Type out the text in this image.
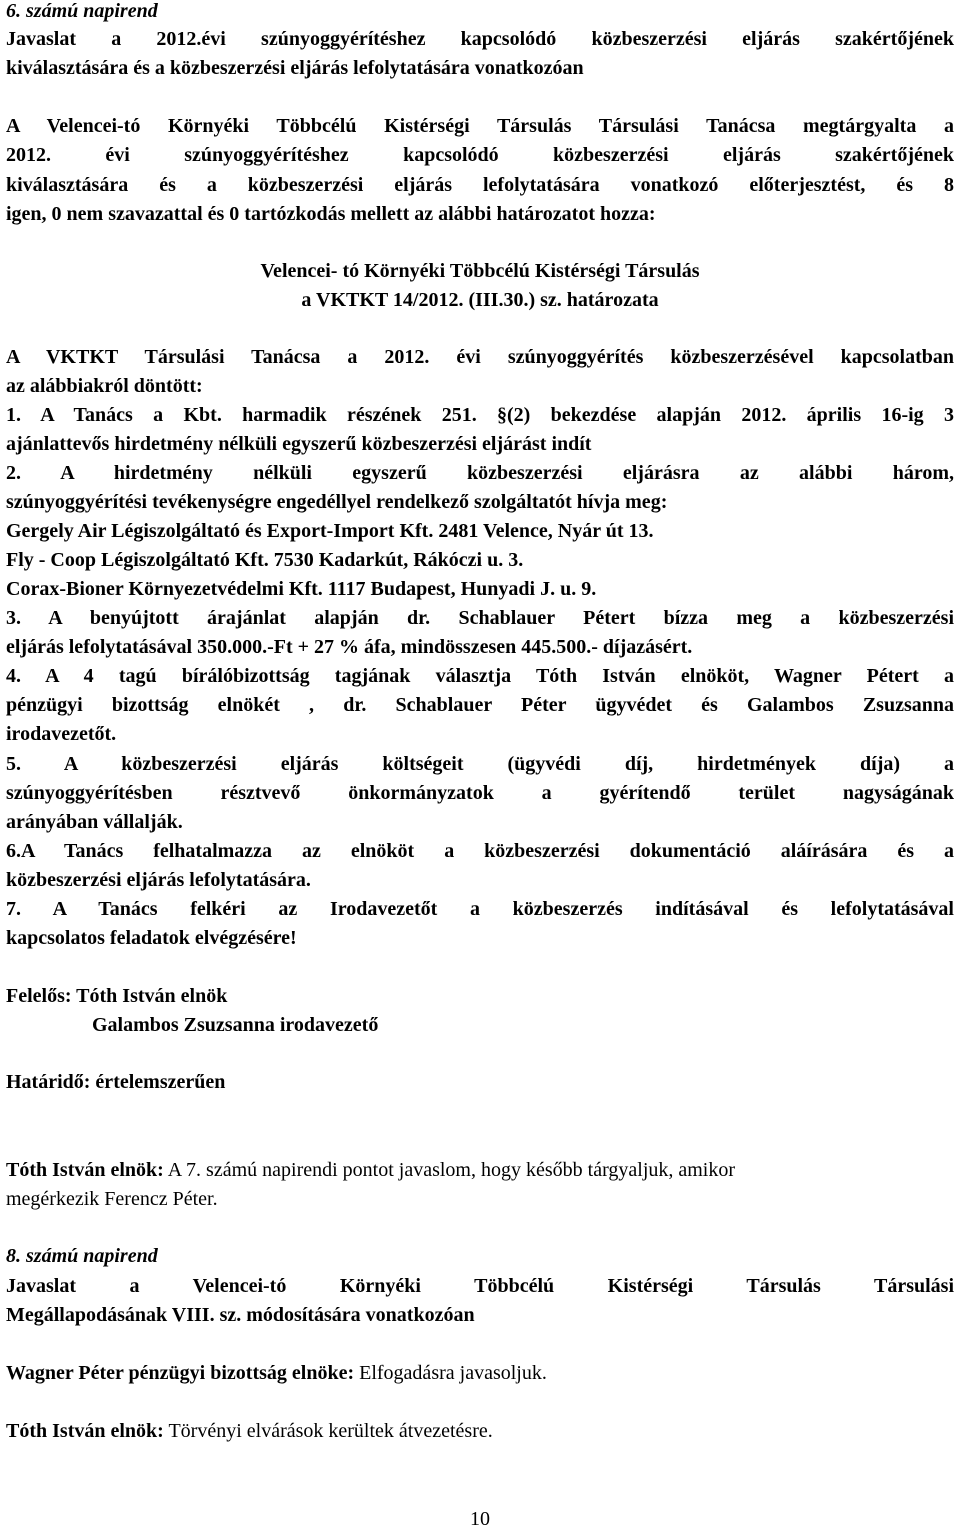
6. számú napirend
Javaslat a 2012.évi szúnyoggyérítéshez kapcsolódó közbeszerzési eljárás szakértőjének
kiválasztására és a közbeszerzési eljárás lefolytatására vonatkozóan
A Velencei-tó Környéki Többcélú Kistérségi Társulás Társulási Tanácsa megtárgyalta a
2012. évi szúnyoggyérítéshez kapcsolódó közbeszerzési eljárás szakértőjének
kiválasztására és a közbeszerzési eljárás lefolytatására vonatkozó előterjesztést, és 8
igen, 0 nem szavazattal és 0 tartózkodás mellett az alábbi határozatot hozza:
Velencei- tó Környéki Többcélú Kistérségi Társulás
a VKTKT 14/2012. (III.30.) sz. határozata
A VKTKT Társulási Tanácsa a 2012. évi szúnyoggyérítés közbeszerzésével kapcsolatban
az alábbiakról döntött:
1. A Tanács a Kbt. harmadik részének 251. §(2) bekezdése alapján 2012. április 16-ig 3
ajánlattevős hirdetmény nélküli egyszerű közbeszerzési eljárást indít
2. A hirdetmény nélküli egyszerű közbeszerzési eljárásra az alábbi három,
szúnyoggyérítési tevékenységre engedéllyel rendelkező szolgáltatót hívja meg:
Gergely Air Légiszolgáltató és Export-Import Kft. 2481 Velence, Nyár út 13.
Fly - Coop Légiszolgáltató Kft. 7530 Kadarkút, Rákóczi u. 3.
Corax-Bioner Környezetvédelmi Kft. 1117 Budapest, Hunyadi J. u. 9.
3. A benyújtott árajánlat alapján dr. Schablauer Pétert bízza meg a közbeszerzési
eljárás lefolytatásával 350.000.-Ft + 27 % áfa, mindösszesen 445.500.- díjazásért.
4. A 4 tagú bírálóbizottság tagjának választja Tóth István elnököt, Wagner Pétert a
pénzügyi bizottság elnökét , dr. Schablauer Péter ügyvédet és Galambos Zsuzsanna
irodavezetőt.
5. A közbeszerzési eljárás költségeit (ügyvédi díj, hirdetmények díja) a
szúnyoggyérítésben résztvevő önkormányzatok a gyérítendő terület nagyságának
arányában vállalják.
6.A Tanács felhatalmazza az elnököt a közbeszerzési dokumentáció aláírására és a
közbeszerzési eljárás lefolytatására.
7. A Tanács felkéri az Irodavezetőt a közbeszerzés indításával és lefolytatásával
kapcsolatos feladatok elvégzésére!
Felelős: Tóth István elnök
Galambos Zsuzsanna irodavezető
Határidő: értelemszerűen
Tóth István elnök: A 7. számú napirendi pontot javaslom, hogy később tárgyaljuk, amikor
megérkezik Ferencz Péter.
8. számú napirend
Javaslat a Velencei-tó Környéki Többcélú Kistérségi Társulás Társulási
Megállapodásának VIII. sz. módosítására vonatkozóan
Wagner Péter pénzügyi bizottság elnöke: Elfogadásra javasoljuk.
Tóth István elnök: Törvényi elvárások kerültek átvezetésre.
10
